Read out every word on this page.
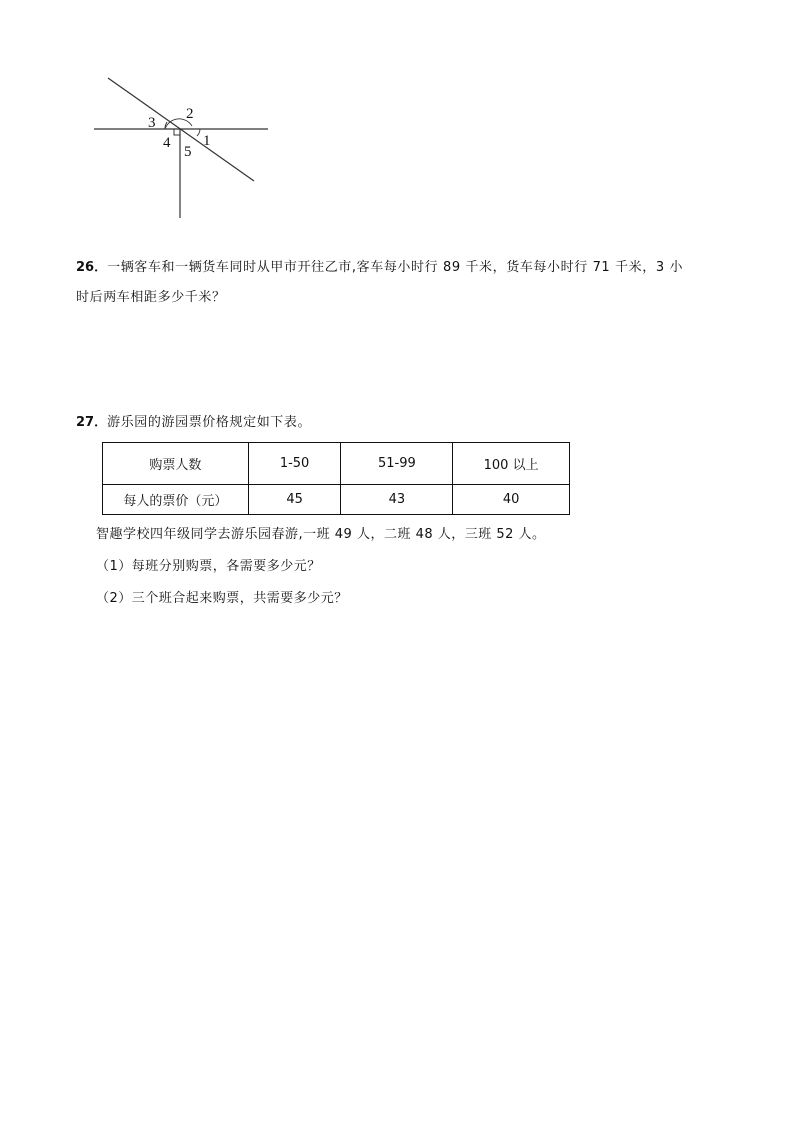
2
3
4
5
1
26．一辆客车和一辆货车同时从甲市开往乙市,客车每小时行 89 千米，货车每小时行 71 千米，3 小
时后两车相距多少千米？
27．游乐园的游园票价格规定如下表。
购票人数	1-50	51-99	100 以上
每人的票价（元）	45	43	40
智趣学校四年级同学去游乐园春游,一班 49 人，二班 48 人，三班 52 人。
（1）每班分别购票，各需要多少元？
（2）三个班合起来购票，共需要多少元？
